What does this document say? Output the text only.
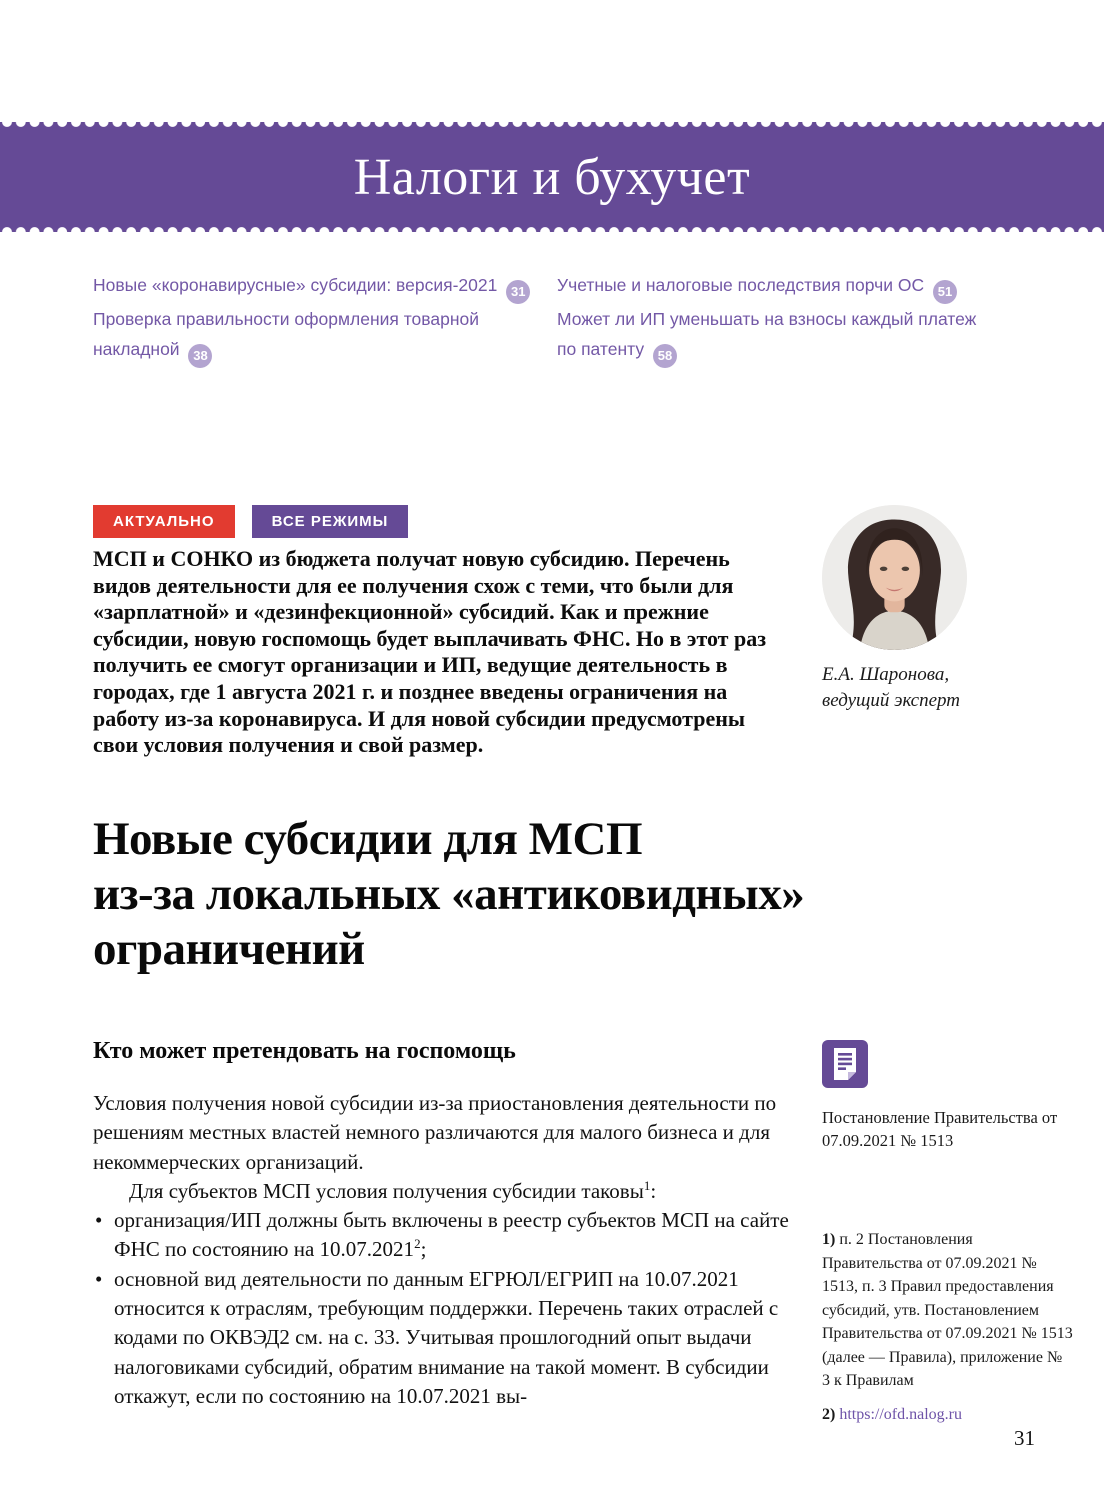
Налоги и бухучет
Новые «коронавирусные» субсидии: версия-2021 31
Проверка правильности оформления товарной накладной 38
Учетные и налоговые последствия порчи ОС 51
Может ли ИП уменьшать на взносы каждый платеж по патенту 58
АКТУАЛЬНО	ВСЕ РЕЖИМЫ
МСП и СОНКО из бюджета получат новую субсидию. Перечень видов деятельности для ее получения схож с теми, что были для «зарплатной» и «дезинфекционной» субсидий. Как и прежние субсидии, новую госпомощь будет выплачивать ФНС. Но в этот раз получить ее смогут организации и ИП, ведущие деятельность в городах, где 1 августа 2021 г. и позднее введены ограничения на работу из-за коронавируса. И для новой субсидии предусмотрены свои условия получения и свой размер.
Е.А. Шаронова,
ведущий эксперт
Новые субсидии для МСП
из-за локальных «антиковидных»
ограничений
Кто может претендовать на госпомощь

Условия получения новой субсидии из-за приостановления деятельности по решениям местных властей немного различаются для малого бизнеса и для некоммерческих организаций.

Для субъектов МСП условия получения субсидии таковы$^1$:

• организация/ИП должны быть включены в реестр субъектов МСП на сайте ФНС по состоянию на 10.07.2021$^2$;
• основной вид деятельности по данным ЕГРЮЛ/ЕГРИП на 10.07.2021 относится к отраслям, требующим поддержки. Перечень таких отраслей с кодами по ОКВЭД2 см. на с. 33. Учитывая прошлогодний опыт выдачи налоговиками субсидий, обратим внимание на такой момент. В субсидии откажут, если по состоянию на 10.07.2021 вы-
Постановление Правительства от 07.09.2021 № 1513

1) п. 2 Постановления Правительства от 07.09.2021 № 1513, п. 3 Правил предоставления субсидий, утв. Постановлением Правительства от 07.09.2021 № 1513 (далее — Правила), приложение № 3 к Правилам

2) https://ofd.nalog.ru

31
